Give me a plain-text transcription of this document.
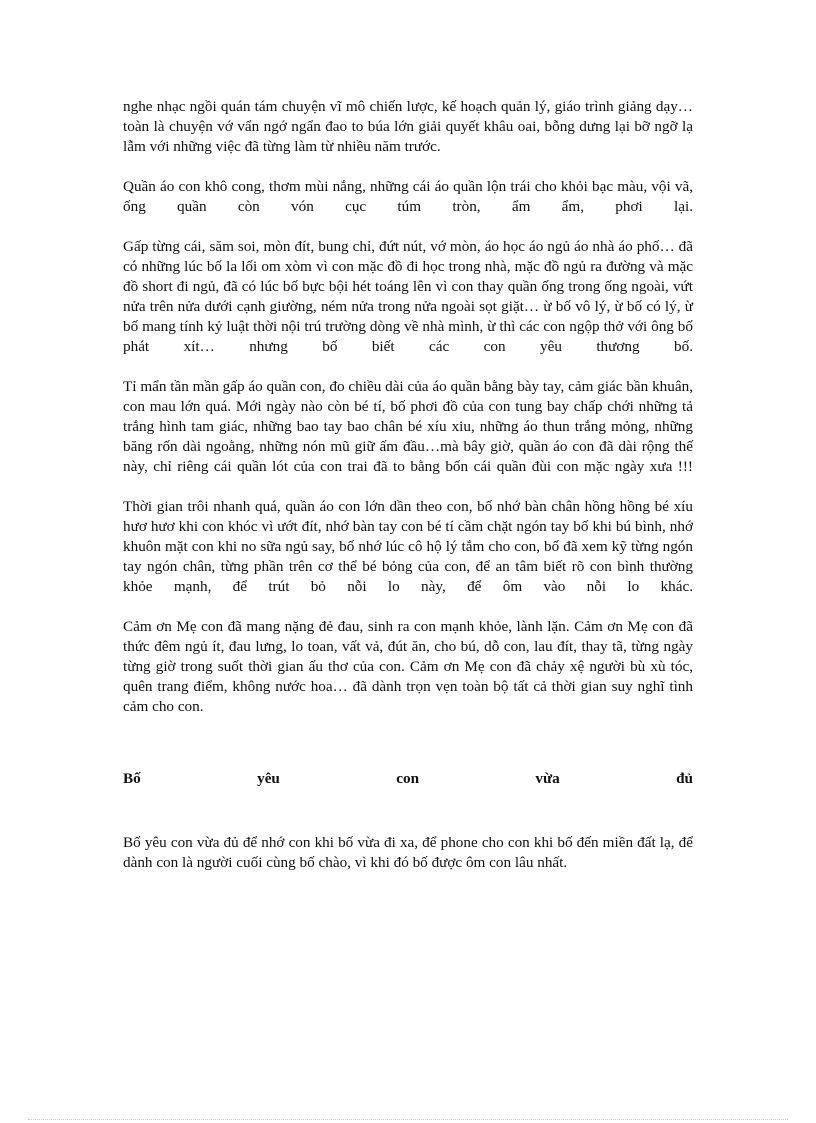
nghe nhạc ngồi quán tám chuyện vĩ mô chiến lược, kế hoạch quản lý, giáo trình giảng dạy… toàn là chuyện vớ vẩn ngớ ngẩn đao to búa lớn giải quyết khâu oai, bỗng dưng lại bỡ ngỡ lạ lẫm với những việc đã từng làm từ nhiều năm trước.

Quần áo con khô cong, thơm mùi nắng, những cái áo quần lộn trái cho khỏi bạc màu, vội vã, ống quần còn vón cục túm tròn, ẩm ẩm, phơi lại.

Gấp từng cái, săm soi, mòn đít, bung chỉ, đứt nút, vớ mòn, áo học áo ngủ áo nhà áo phố… đã có những lúc bố la lối om xòm vì con mặc đồ đi học trong nhà, mặc đồ ngủ ra đường và mặc đồ short đi ngủ, đã có lúc bố bực bội hét toáng lên vì con thay quần ống trong ống ngoài, vứt nửa trên nửa dưới cạnh giường, ném nửa trong nửa ngoài sọt giặt… ừ bố vô lý, ừ bố có lý, ừ bố mang tính kỷ luật thời nội trú trường dòng về nhà mình, ừ thì các con ngộp thở với ông bố phát xít… nhưng bố biết các con yêu thương bố.

Tỉ mẩn tần mần gấp áo quần con, đo chiều dài của áo quần bằng bày tay, cảm giác bần khuân, con mau lớn quá. Mới ngày nào còn bé tí, bố phơi đồ của con tung bay chấp chới những tả trắng hình tam giác, những bao tay bao chân bé xíu xiu, những áo thun trắng mỏng, những băng rốn dài ngoằng, những nón mũ giữ ấm đầu…mà bây giờ, quần áo con đã dài rộng thế này, chỉ riêng cái quần lót của con trai đã to bằng bốn cái quần đùi con mặc ngày xưa !!!

Thời gian trôi nhanh quá, quần áo con lớn dần theo con, bố nhớ bàn chân hồng hồng bé xíu hươ hươ khi con khóc vì ướt đít, nhớ bàn tay con bé tí cầm chặt ngón tay bố khi bú bình, nhớ khuôn mặt con khi no sữa ngủ say, bố nhớ lúc cô hộ lý tắm cho con, bố đã xem kỹ từng ngón tay ngón chân, từng phần trên cơ thể bé bỏng của con, để an tâm biết rõ con bình thường khỏe mạnh, để trút bỏ nỗi lo này, để ôm vào nỗi lo khác.

Cảm ơn Mẹ con đã mang nặng đẻ đau, sinh ra con mạnh khỏe, lành lặn. Cảm ơn Mẹ con đã thức đêm ngủ ít, đau lưng, lo toan, vất vả, đút ăn, cho bú, dỗ con, lau đít, thay tã, từng ngày từng giờ trong suốt thời gian ấu thơ của con. Cảm ơn Mẹ con đã chảy xệ người bù xù tóc, quên trang điểm, không nước hoa… đã dành trọn vẹn toàn bộ tất cả thời gian suy nghĩ tình cảm cho con.

Bố yêu con vừa đủ

Bố yêu con vừa đủ để nhớ con khi bố vừa đi xa, để phone cho con khi bố đến miền đất lạ, để dành con là người cuối cùng bố chào, vì khi đó bố được ôm con lâu nhất.
